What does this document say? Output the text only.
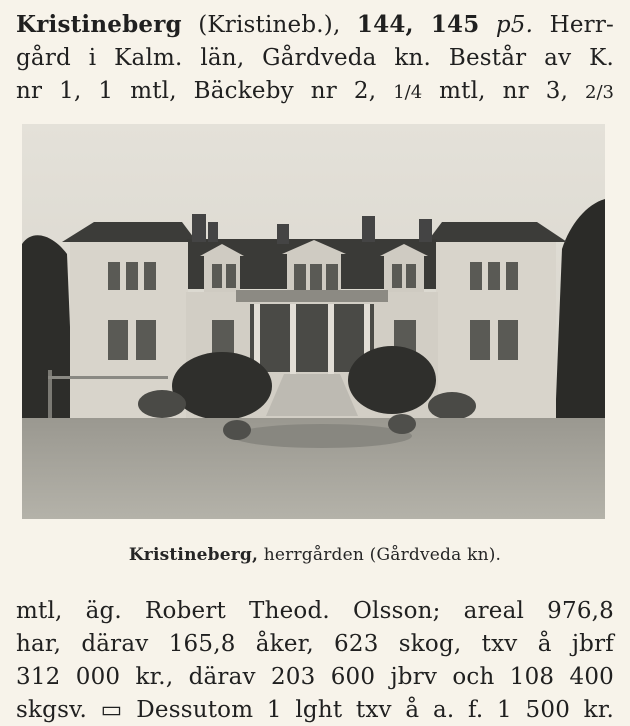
Kristineberg (Kristineb.), 144, 145 p5. Herr-
gård i Kalm. län, Gårdveda kn. Består av K.
nr 1, 1 mtl, Bäckeby nr 2, 1/4 mtl, nr 3, 2/3
Kristineberg, herrgården (Gårdveda kn).
mtl, äg. Robert Theod. Olsson; areal 976,8
har, därav 165,8 åker, 623 skog, txv å jbrf
312 000 kr., därav 203 600 jbrv och 108 400
skgsv. ▭ Dessutom 1 lght txv å a. f. 1 500 kr.
